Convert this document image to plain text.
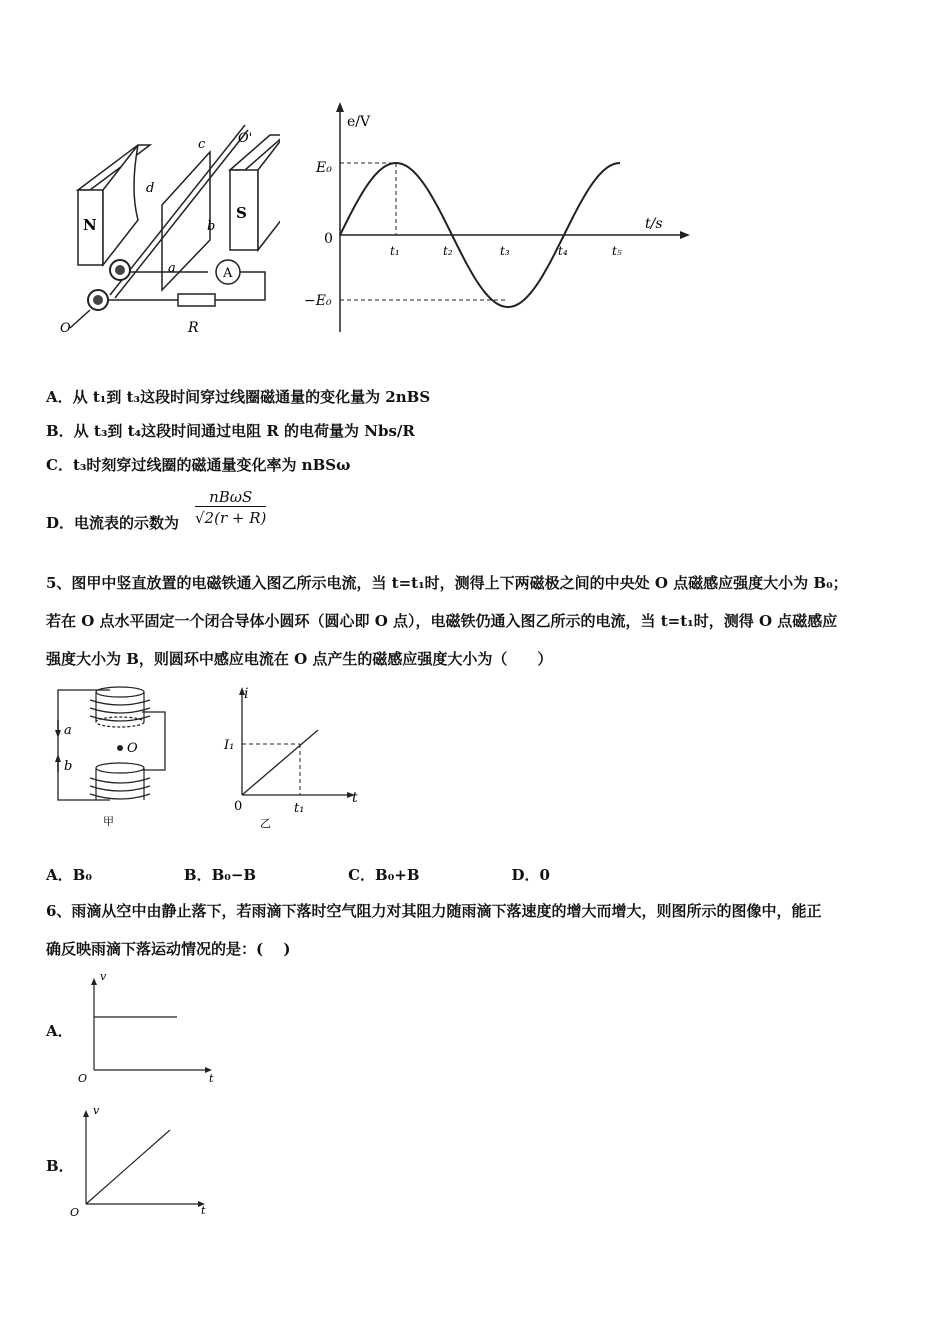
N
S
c
d
b
a
O'
O
A
R
e/V
t/s
E₀
−E₀
0
t₁	t₂	t₃	t₄	t₅
A．从 t₁到 t₃这段时间穿过线圈磁通量的变化量为 2nBS
B．从 t₃到 t₄这段时间通过电阻 R 的电荷量为 Nbs/R
C．t₃时刻穿过线圈的磁通量变化率为 nBSω
D．电流表的示数为
nBωS
√2(r + R)
5、图甲中竖直放置的电磁铁通入图乙所示电流，当 t=t₁时，测得上下两磁极之间的中央处 O 点磁感应强度大小为 B₀；
若在 O 点水平固定一个闭合导体小圆环（圆心即 O 点），电磁铁仍通入图乙所示的电流，当 t=t₁时，测得 O 点磁感应
强度大小为 B，则圆环中感应电流在 O 点产生的磁感应强度大小为（　　）
a
b
O
甲
i
I₁
0	t₁
t
乙
A．B₀	B．B₀−B	C．B₀+B	D．0
6、雨滴从空中由静止落下，若雨滴下落时空气阻力对其阻力随雨滴下落速度的增大而增大，则图所示的图像中，能正
确反映雨滴下落运动情况的是：(　 )
A．
v
t
O
B．
v
t
O
